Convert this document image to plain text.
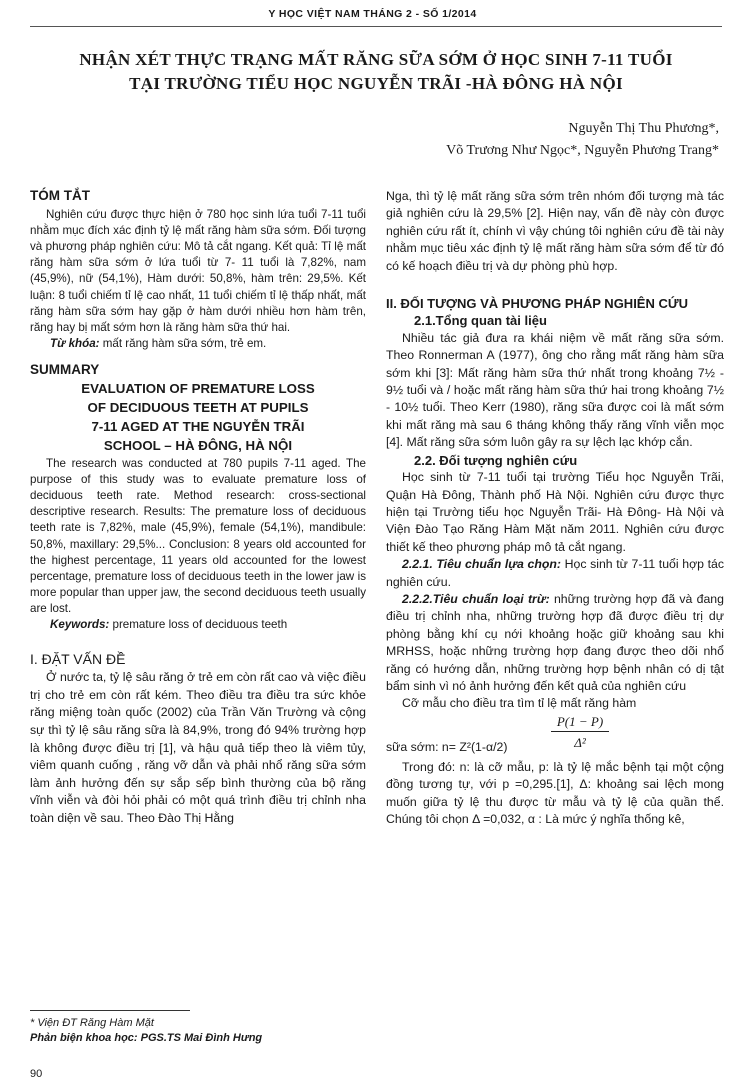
Y HỌC VIỆT NAM THÁNG 2 - SỐ 1/2014
NHẬN XÉT THỰC TRẠNG MẤT RĂNG SỮA SỚM Ở HỌC SINH 7-11 TUỔI
TẠI TRƯỜNG TIỂU HỌC NGUYỄN TRÃI -HÀ ĐÔNG HÀ NỘI
Nguyễn Thị Thu Phương*,
Võ Trương Như Ngọc*, Nguyễn Phương Trang*

TÓM TẮT

Nghiên cứu được thực hiện ở 780 học sinh lứa tuổi 7-11 tuổi nhằm mục đích xác định tỷ lệ mất răng hàm sữa sớm. Đối tượng và phương pháp nghiên cứu: Mô tả cắt ngang. Kết quả: Tỉ lệ mất răng hàm sữa sớm ở lứa tuổi từ 7- 11 tuổi là 7,82%, nam (45,9%), nữ (54,1%), Hàm dưới: 50,8%, hàm trên: 29,5%. Kết luận: 8 tuổi chiếm tỉ lệ cao nhất, 11 tuổi chiếm tỉ lệ thấp nhất, mất răng hàm sữa sớm hay gặp ở hàm dưới nhiều hơn hàm trên, răng hay bị mất sớm hơn là răng hàm sữa thứ hai.

Từ khóa: mất răng hàm sữa sớm, trẻ em.

SUMMARY

EVALUATION OF PREMATURE LOSS
OF DECIDUOUS TEETH AT PUPILS
7-11 AGED AT THE NGUYỄN TRÃI
SCHOOL – HÀ ĐÔNG, HÀ NỘI

The research was conducted at 780 pupils 7-11 aged. The purpose of this study was to evaluate premature loss of deciduous teeth rate. Method research: cross-sectional descriptive research. Results: The premature loss of deciduous teeth rate is 7,82%, male (45,9%), female (54,1%), mandibule: 50,8%, maxillary: 29,5%... Conclusion: 8 years old accounted for the highest percentage, 11 years old accounted for the lowest percentage, premature loss of deciduous teeth in the lower jaw is more popular than upper jaw, the second deciduous teeth usually are lost.

Keywords: premature loss of deciduous teeth

I. ĐẶT VẤN ĐỀ

Ở nước ta, tỷ lệ sâu răng ở trẻ em còn rất cao và việc điều trị cho trẻ em còn rất kém. Theo điều tra điều tra sức khỏe răng miệng toàn quốc (2002) của Trần Văn Trường và cộng sự thì tỷ lệ sâu răng sữa là 84,9%, trong đó 94% trường hợp là không được điều trị [1], và hậu quả tiếp theo là viêm tủy, viêm quanh cuống , răng vỡ dẫn và phải nhổ răng sữa sớm làm ảnh hưởng đến sự sắp sếp bình thường của bộ răng vĩnh viễn và đòi hỏi phải có một quá trình điều trị chỉnh nha toàn diện về sau. Theo Đào Thị Hằng

Nga, thì tỷ lệ mất răng sữa sớm trên nhóm đối tượng mà tác giả nghiên cứu là 29,5% [2]. Hiện nay, vấn đề này còn được nghiên cứu rất ít, chính vì vậy chúng tôi nghiên cứu đề tài này nhằm mục tiêu xác định tỷ lệ mất răng hàm sữa sớm để từ đó có kế hoạch điều trị và dự phòng phù hợp.

II. ĐỐI TƯỢNG VÀ PHƯƠNG PHÁP NGHIÊN CỨU

2.1.Tổng quan tài liệu

Nhiều tác giả đưa ra khái niệm về mất răng sữa sớm. Theo Ronnerman A (1977), ông cho rằng mất răng hàm sữa sớm khi [3]: Mất răng hàm sữa thứ nhất trong khoảng 7½ - 9½ tuổi và / hoặc mất răng hàm sữa thứ hai trong khoảng 7½ - 10½ tuổi. Theo Kerr (1980), răng sữa được coi là mất sớm khi mất răng mà sau 6 tháng không thấy răng vĩnh viễn mọc [4]. Mất răng sữa sớm luôn gây ra sự lệch lạc khớp cắn.

2.2. Đối tượng nghiên cứu

Học sinh từ 7-11 tuổi tại trường Tiểu học Nguyễn Trãi, Quận Hà Đông, Thành phố Hà Nội. Nghiên cứu được thực hiện tại Trường tiểu học Nguyễn Trãi- Hà Đông- Hà Nội và Viện Đào Tạo Răng Hàm Mặt năm 2011. Nghiên cứu được thiết kế theo phương pháp mô tả cắt ngang.

2.2.1. Tiêu chuẩn lựa chọn: Học sinh từ 7-11 tuổi hợp tác nghiên cứu.

2.2.2.Tiêu chuẩn loại trừ: những trường hợp đã và đang điều trị chỉnh nha, những trường hợp đã được điều trị dự phòng bằng khí cụ nới khoảng hoặc giữ khoảng sau khi MRHSS, hoặc những trường hợp đang được theo dõi nhổ răng có hướng dẫn, những trường hợp bệnh nhân có dị tật bẩm sinh vì nó ảnh hưởng đến kết quả của nghiên cứu

Cỡ mẫu cho điều tra tìm tỉ lệ mất răng hàm

sữa sớm: n= Z²(1-α/2)	$\frac{P(1 - P)}{\text{Δ²}}$

Trong đó: n: là cỡ mẫu, p: là tỷ lệ mắc bệnh tại một cộng đồng tương tự, với p =0,295.[1], Δ: khoảng sai lệch mong muốn giữa tỷ lệ thu được từ mẫu và tỷ lệ của quần thể. Chúng tôi chọn Δ =0,032, α : Là mức ý nghĩa thống kê,

* Viện ĐT Răng Hàm Mặt
Phản biện khoa học: PGS.TS Mai Đình Hưng
90
